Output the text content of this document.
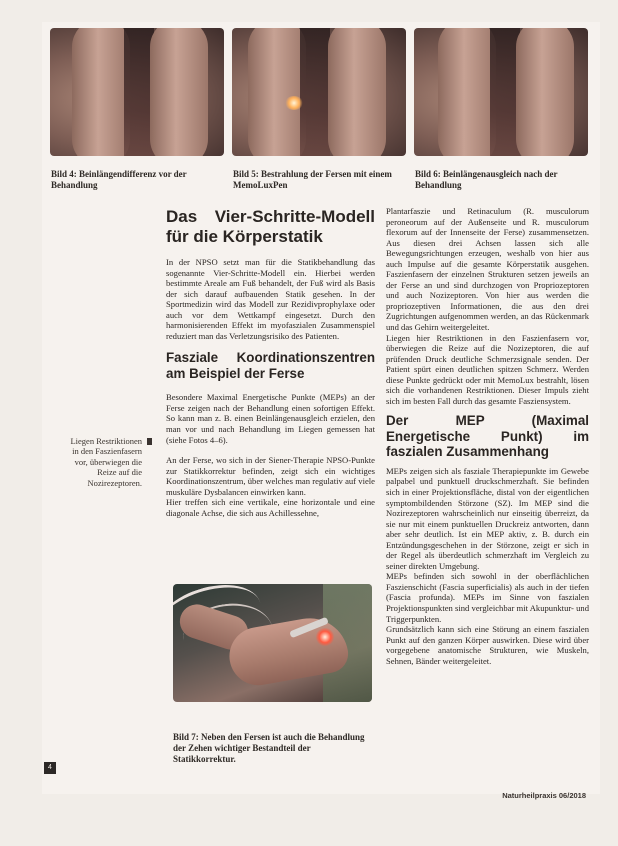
Bild 4: Beinlängendifferenz vor der Behandlung
Bild 5: Bestrahlung der Fersen mit einem MemoLuxPen
Bild 6: Beinlängenausgleich nach der Behandlung
Liegen Restriktionen in den Faszienfasern vor, überwiegen die Reize auf die Nozirezeptoren.
Das Vier-Schritte-Modell für die Körperstatik

In der NPSO setzt man für die Statikbehandlung das sogenannte Vier-Schritte-Modell ein. Hierbei werden bestimmte Areale am Fuß behandelt, der Fuß wird als Basis der sich darauf aufbauenden Statik gesehen. In der Sportmedizin wird das Modell zur Rezidivprophylaxe oder auch vor dem Wettkampf eingesetzt. Durch den harmonisierenden Effekt im myofaszialen Zusammenspiel reduziert man das Verletzungsrisiko des Patienten.

Fasziale Koordinationszentren am Beispiel der Ferse

Besondere Maximal Energetische Punkte (MEPs) an der Ferse zeigen nach der Behandlung einen sofortigen Effekt. So kann man z. B. einen Beinlängenausgleich erzielen, den man vor und nach Behandlung im Liegen gemessen hat (siehe Fotos 4–6).

An der Ferse, wo sich in der Siener-Therapie NPSO-Punkte zur Statikkorrektur befinden, zeigt sich ein wichtiges Koordinationszentrum, über welches man regulativ auf viele muskuläre Dysbalancen einwirken kann.

Hier treffen sich eine vertikale, eine horizontale und eine diagonale Achse, die sich aus Achillessehne,

Bild 7: Neben den Fersen ist auch die Behandlung der Zehen wichtiger Bestandteil der Statikkorrektur.

Plantarfaszie und Retinaculum (R. musculorum peroneorum auf der Außenseite und R. musculorum flexorum auf der Innenseite der Ferse) zusammensetzen. Aus diesen drei Achsen lassen sich alle Bewegungsrichtungen erzeugen, weshalb von hier aus auch Impulse auf die gesamte Körperstatik ausgehen. Faszienfasern der einzelnen Strukturen setzen jeweils an der Ferse an und sind durchzogen von Propriozeptoren und auch Nozizeptoren. Von hier aus werden die propriozeptiven Informationen, die aus den drei Zugrichtungen aufgenommen werden, an das Rückenmark und das Gehirn weitergeleitet.

Liegen hier Restriktionen in den Faszienfasern vor, überwiegen die Reize auf die Nozizeptoren, die auf prüfenden Druck deutliche Schmerzsignale senden. Der Patient spürt einen deutlichen spitzen Schmerz. Werden diese Punkte gedrückt oder mit MemoLux bestrahlt, lösen sich die vorhandenen Restriktionen. Dieser Impuls zieht sich im besten Fall durch das gesamte Fasziensystem.

Der MEP (Maximal Energetische Punkt) im faszialen Zusammenhang

MEPs zeigen sich als fasziale Therapiepunkte im Gewebe palpabel und punktuell druckschmerzhaft. Sie befinden sich in einer Projektionsfläche, distal von der eigentlichen symptombildenden Störzone (SZ). Im MEP sind die Nozirezeptoren wahrscheinlich nur einseitig überreizt, da sie nur mit einem punktuellen Druckreiz antworten, dann aber sehr deutlich. Ist ein MEP aktiv, z. B. durch ein Entzündungsgeschehen in der Störzone, zeigt er sich in der Regel als überdeutlich schmerzhaft im Vergleich zu seiner direkten Umgebung.

MEPs befinden sich sowohl in der oberflächlichen Faszienschicht (Fascia superficialis) als auch in der tiefen (Fascia profunda). MEPs im Sinne von faszialen Projektionspunkten sind vergleichbar mit Akupunktur- und Triggerpunkten.

Grundsätzlich kann sich eine Störung an einem faszialen Punkt auf den ganzen Körper auswirken. Diese wird über vorgegebene anatomische Strukturen, wie Muskeln, Sehnen, Bänder weitergeleitet.

Naturheilpraxis 06/2018
4
